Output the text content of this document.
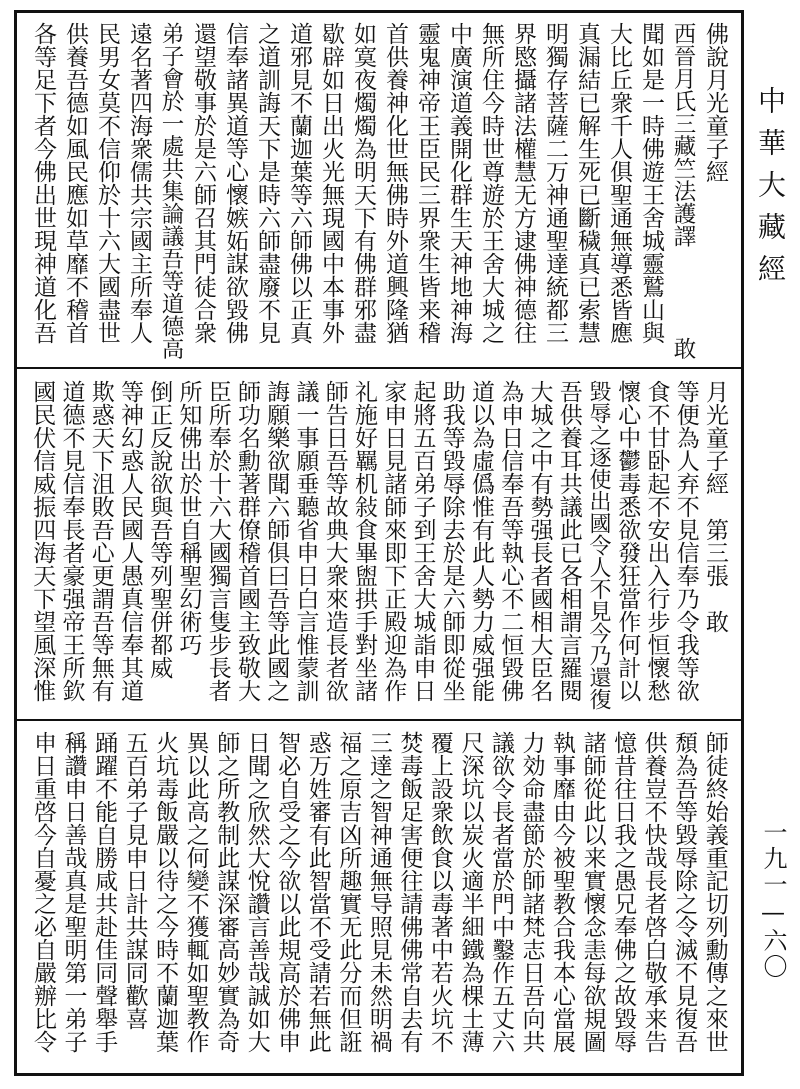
佛說月光童子經
西晉月氏三藏竺法護譯　　　　敢
聞如是一時佛遊王舍城靈鷲山與
大比丘衆千人俱聖通無導悉皆應
真漏結已解生死已斷穢真已索慧
明獨存菩薩二万神通聖達統都三
界愍攝諸法權慧无方逮佛神德往
無所住今時世尊遊於王舍大城之
中廣演道義開化群生天神地神海
靈鬼神帝王臣民三界衆生皆来稽
首供養神化世無佛時外道興隆猶
如寞夜燭燭為明天下有佛群邪盡
歇辟如日出火光無現國中本事外
道邪見不蘭迦葉等六師佛以正真
之道訓誨天下是時六師盡廢不見
信奉諸異道等心懷嫉妬謀欲毀佛
還望敬事於是六師召其門徒合衆
弟子會於一處共集論議吾等道德高
遠名著四海衆儒共宗國主所奉人
民男女莫不信仰於十六大國盡世
供養吾德如風民應如草靡不稽首
各等足下者今佛出世現神道化吾
月光童子經　第三張　敢
等便為人弃不見信奉乃令我等欲
食不甘卧起不安出入行步恒懷愁
懷心中鬱毒悉欲發狂當作何計以
毀辱之逐使出國令人不見今乃還復
吾供養耳共議此已各相謂言羅閱
大城之中有勢强長者國相大臣名
為申日信奉吾等執心不二恒毀佛
道以為虛僞惟有此人勢力威强能
助我等毀辱除去於是六師即從坐
起將五百弟子到王舍大城詣申日
家申日見諸師來即下正殿迎為作
礼施好羈机敍食畢盥拱手對坐諸
師告日吾等故典大衆來造長者欲
議一事願垂聽省申日白言惟蒙訓
誨願樂欲聞六師俱曰吾等此國之
師功名勳著群僚稽首國主致敬大
臣所奉於十六大國獨言隻步長者
所知佛出於世自稱聖幻術巧
倒正反說欲與吾等列聖併都威
等神幻惑人民國人愚真信奉其道
欺惑天下沮敗吾心更謂吾等無有
道德不見信奉長者豪强帝王所欽
國民伏信威振四海天下望風深惟
師徒終始義重記切列勳傳之來世
頹為吾等毀辱除之令滅不見復吾
供養豈不快哉長者啓白敬承来告
憶昔往日我之愚兄奉佛之故毀辱
諸師從此以来實懷念恚每欲規圖
執事靡由今被聖教合我本心當展
力効命盡節於師諸梵志日吾向共
議欲令長者當於門中鑿作五丈六
尺深坑以炭火適半細鐵為棵土薄
覆上設衆飲食以毒著中若火坑不
焚毒飯足害便往請佛佛常自去有
三達之智神通無导照見未然明禍
福之原吉凶所趣實无此分而但誑
惑万姓審有此智當不受請若無此
智必自受之今欲以此規高於佛申
日聞之欣然大悅讚言善哉誠如大
師之所教制此謀深審高妙實為奇
異以此高之何變不獲輒如聖教作
火坑毒飯嚴以待之今時不蘭迦葉
五百弟子見申日計共謀同歡喜
踊躍不能自勝咸共赴佳同聲舉手
稱讚申日善哉真是聖明第一弟子
申日重啓今自憂之必自嚴辦比令
中華大藏經
一九一—六〇
